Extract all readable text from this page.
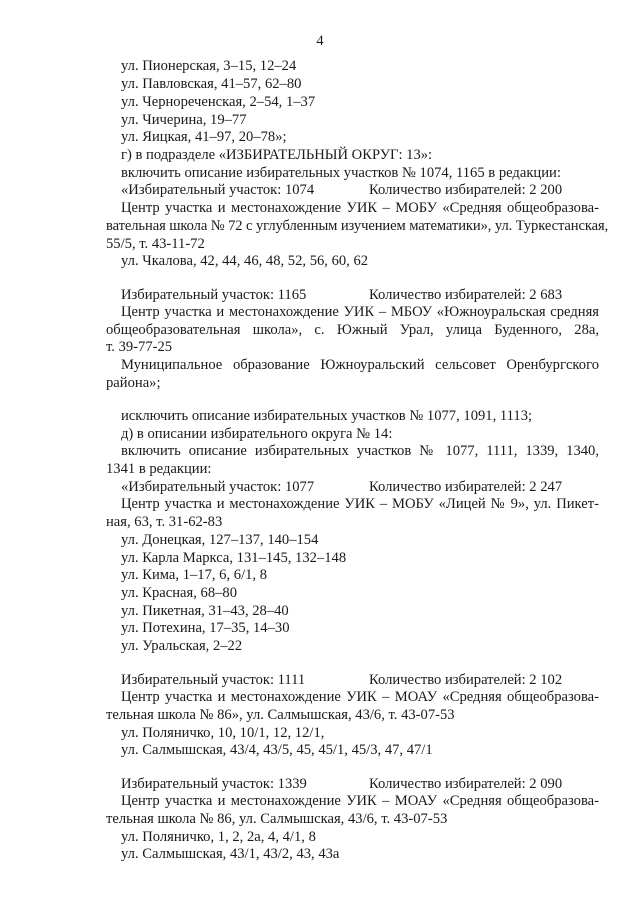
4
ул. Пионерская, 3–15, 12–24
ул. Павловская, 41–57, 62–80
ул. Чернореченская, 2–54, 1–37
ул. Чичерина, 19–77
ул. Яицкая, 41–97, 20–78»;
г) в подразделе «ИЗБИРАТЕЛЬНЫЙ ОКРУГ: 13»:
включить описание избирательных участков № 1074, 1165 в редакции:
«Избирательный участок: 1074	Количество избирателей: 2 200
Центр участка и местонахождение УИК – МОБУ «Средняя общеобразова-
вательная школа № 72 с углубленным изучением математики», ул. Туркестанская,
55/5, т. 43-11-72
ул. Чкалова, 42, 44, 46, 48, 52, 56, 60, 62
Избирательный участок: 1165	Количество избирателей: 2 683
Центр участка и местонахождение УИК – МБОУ «Южноуральская средняя
общеобразовательная школа», с. Южный Урал, улица Буденного, 28а,
т. 39-77-25
Муниципальное образование Южноуральский сельсовет Оренбургского
района»;
исключить описание избирательных участков № 1077, 1091, 1113;
д) в описании избирательного округа № 14:
включить описание избирательных участков № 1077, 1111, 1339, 1340,
1341 в редакции:
«Избирательный участок: 1077	Количество избирателей: 2 247
Центр участка и местонахождение УИК – МОБУ «Лицей № 9», ул. Пикет-
ная, 63, т. 31-62-83
ул. Донецкая, 127–137, 140–154
ул. Карла Маркса, 131–145, 132–148
ул. Кима, 1–17, 6, 6/1, 8
ул. Красная, 68–80
ул. Пикетная, 31–43, 28–40
ул. Потехина, 17–35, 14–30
ул. Уральская, 2–22
Избирательный участок: 1111	Количество избирателей: 2 102
Центр участка и местонахождение УИК – МОАУ «Средняя общеобразова-
тельная школа № 86», ул. Салмышская, 43/6, т. 43-07-53
ул. Поляничко, 10, 10/1, 12, 12/1,
ул. Салмышская, 43/4, 43/5, 45, 45/1, 45/3, 47, 47/1
Избирательный участок: 1339	Количество избирателей: 2 090
Центр участка и местонахождение УИК – МОАУ «Средняя общеобразова-
тельная школа № 86, ул. Салмышская, 43/6, т. 43-07-53
ул. Поляничко, 1, 2, 2а, 4, 4/1, 8
ул. Салмышская, 43/1, 43/2, 43, 43а
